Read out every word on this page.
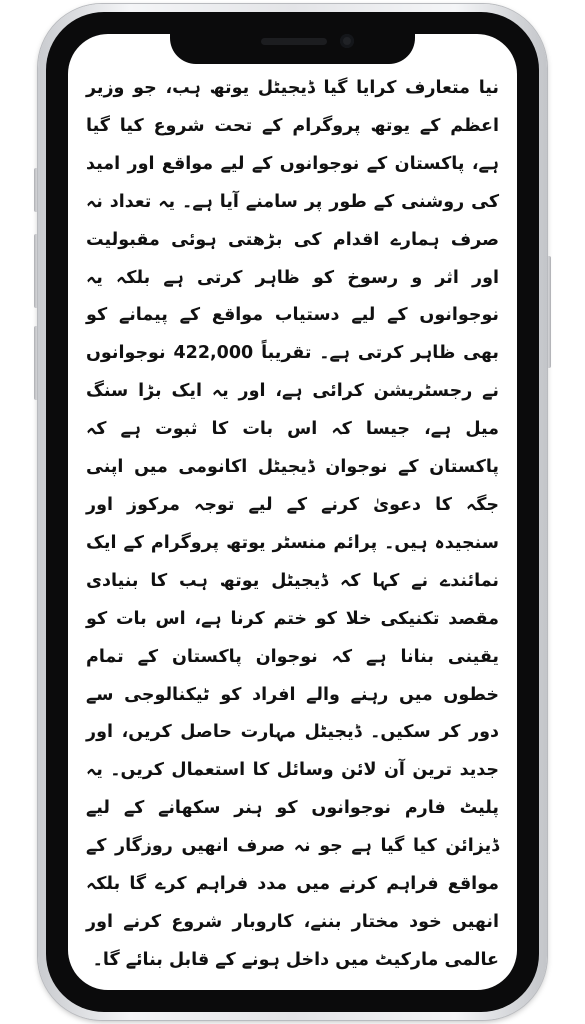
نیا متعارف کرایا گیا ڈیجیٹل یوتھ ہب، جو وزیر اعظم کے یوتھ پروگرام کے تحت شروع کیا گیا ہے، پاکستان کے نوجوانوں کے لیے مواقع اور امید کی روشنی کے طور پر سامنے آیا ہے۔ یہ تعداد نہ صرف ہمارے اقدام کی بڑھتی ہوئی مقبولیت اور اثر و رسوخ کو ظاہر کرتی ہے بلکہ یہ نوجوانوں کے لیے دستیاب مواقع کے پیمانے کو بھی ظاہر کرتی ہے۔ تقریباً 422,000 نوجوانوں نے رجسٹریشن کرائی ہے، اور یہ ایک بڑا سنگ میل ہے، جیسا کہ اس بات کا ثبوت ہے کہ پاکستان کے نوجوان ڈیجیٹل اکانومی میں اپنی جگہ کا دعویٰ کرنے کے لیے توجہ مرکوز اور سنجیدہ ہیں۔ پرائم منسٹر یوتھ پروگرام کے ایک نمائندے نے کہا کہ ڈیجیٹل یوتھ ہب کا بنیادی مقصد تکنیکی خلا کو ختم کرنا ہے، اس بات کو یقینی بنانا ہے کہ نوجوان پاکستان کے تمام خطوں میں رہنے والے افراد کو ٹیکنالوجی سے دور کر سکیں۔ ڈیجیٹل مہارت حاصل کریں، اور جدید ترین آن لائن وسائل کا استعمال کریں۔ یہ پلیٹ فارم نوجوانوں کو ہنر سکھانے کے لیے ڈیزائن کیا گیا ہے جو نہ صرف انھیں روزگار کے مواقع فراہم کرنے میں مدد فراہم کرے گا بلکہ انھیں خود مختار بننے، کاروبار شروع کرنے اور عالمی مارکیٹ میں داخل ہونے کے قابل بنائے گا۔
